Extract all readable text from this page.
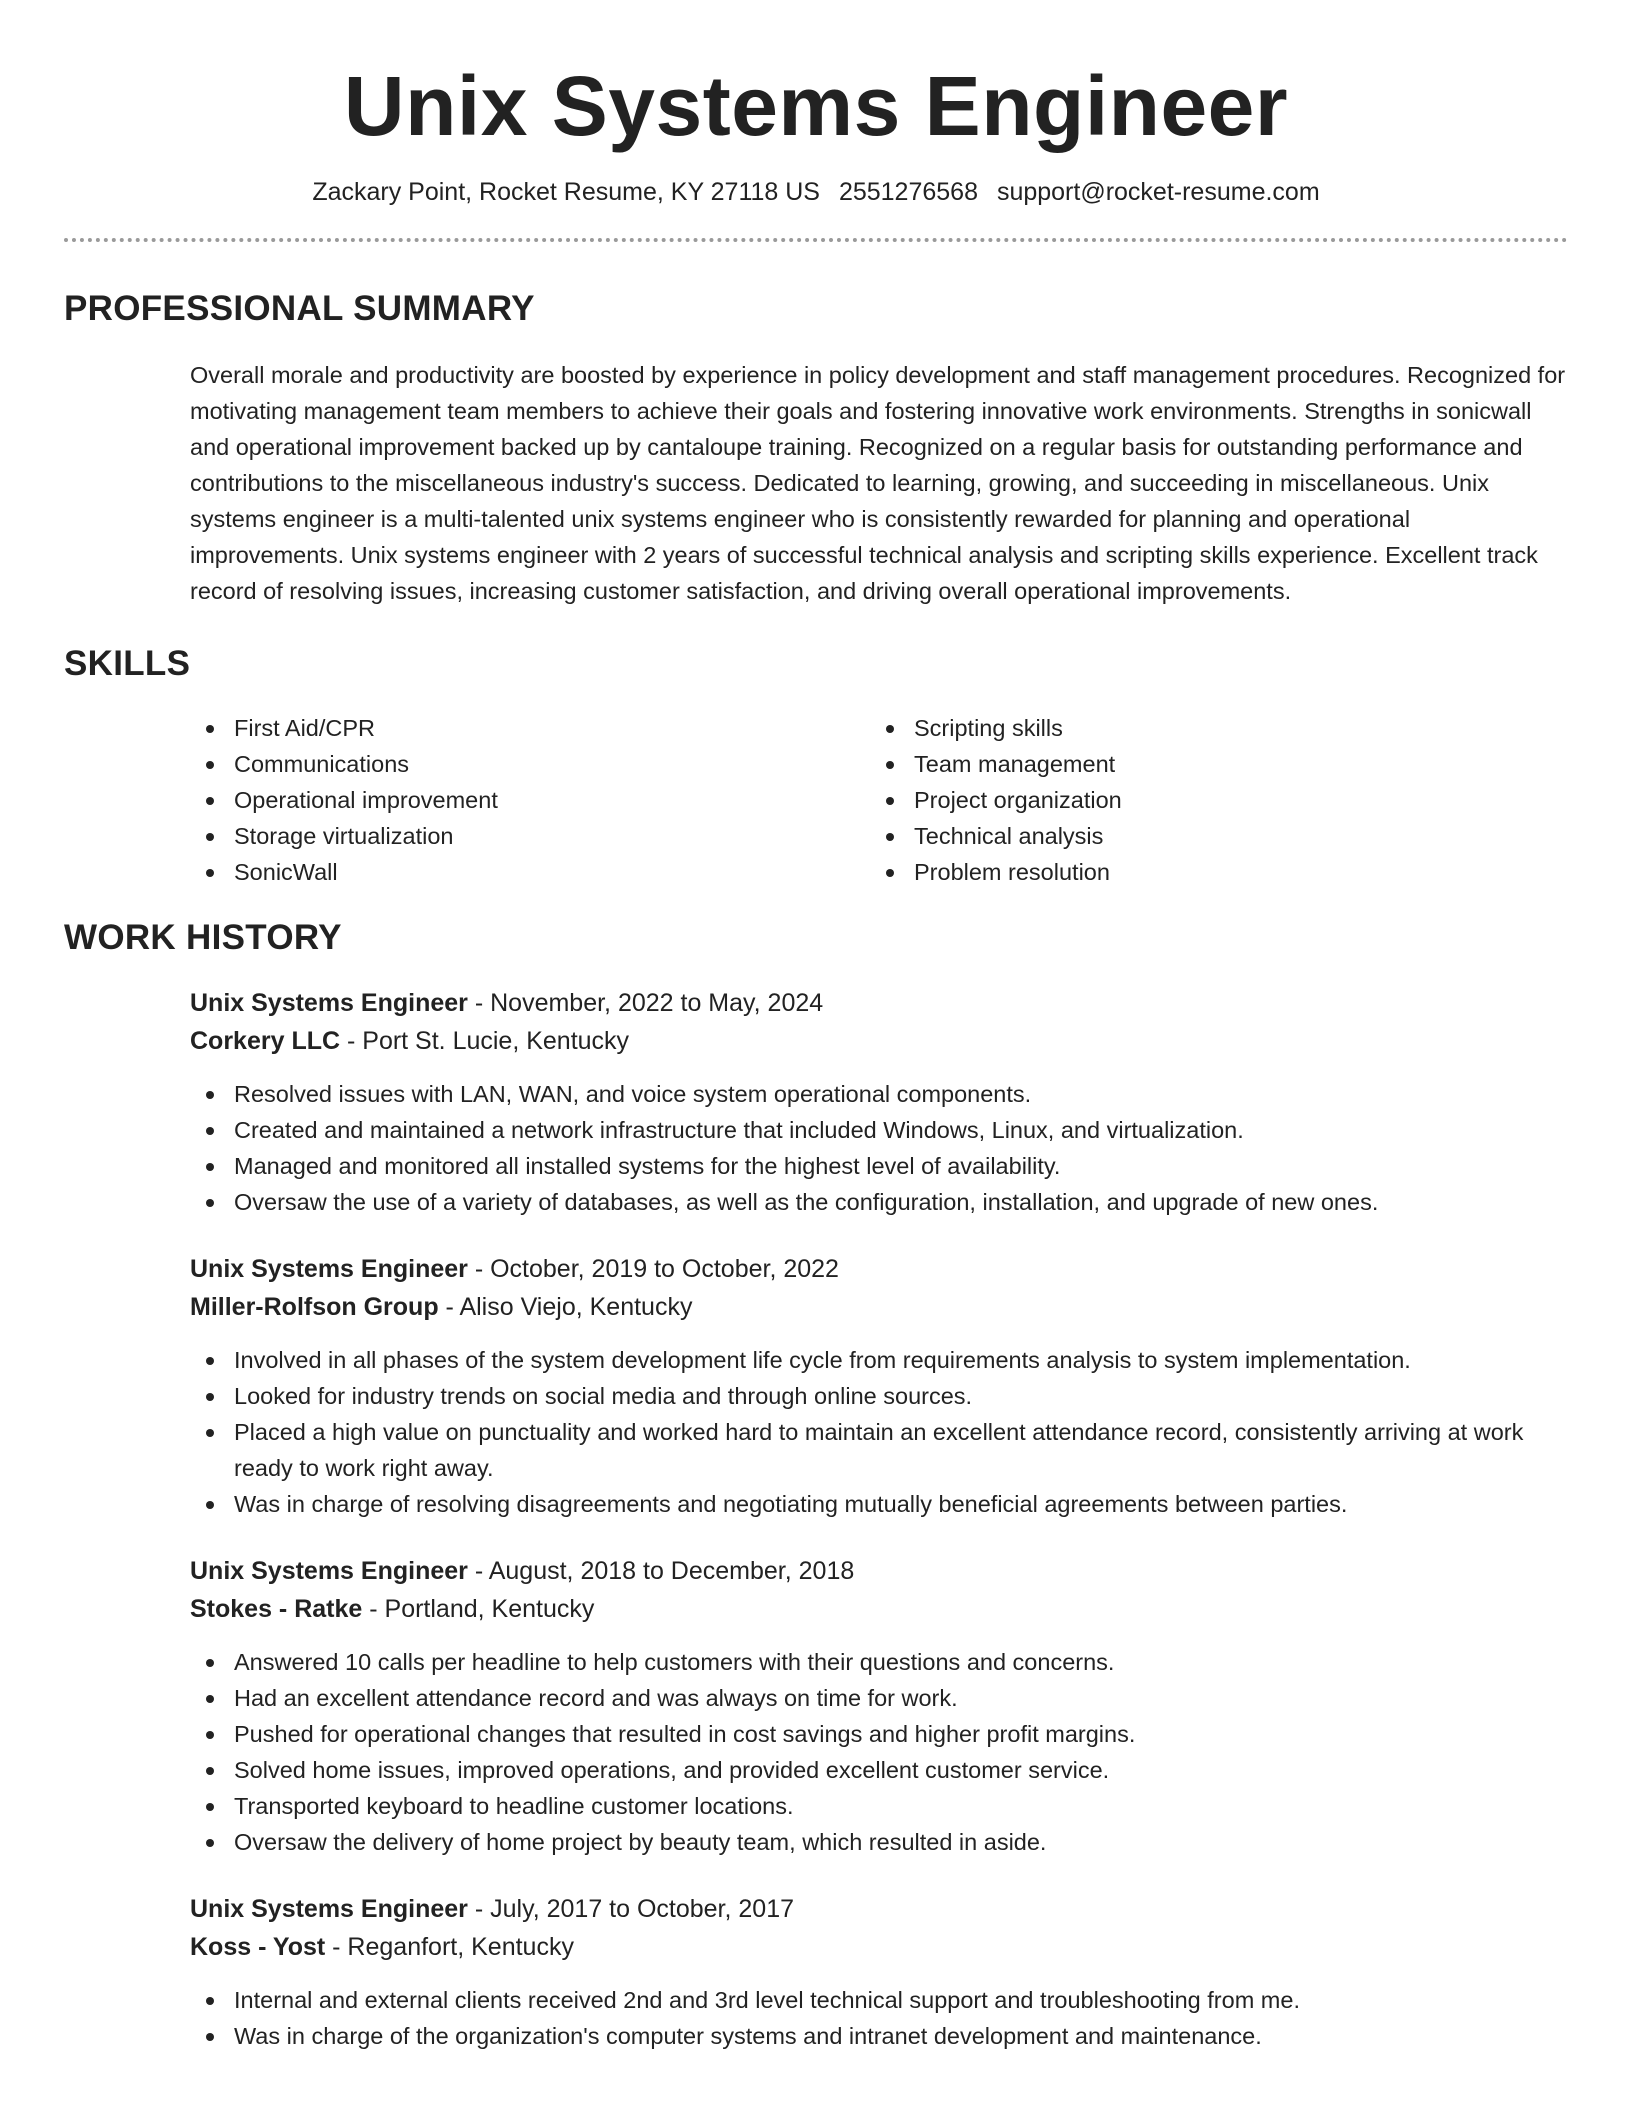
Unix Systems Engineer
Zackary Point, Rocket Resume, KY 27118 US 2551276568 support@rocket-resume.com
PROFESSIONAL SUMMARY
Overall morale and productivity are boosted by experience in policy development and staff management procedures. Recognized for motivating management team members to achieve their goals and fostering innovative work environments. Strengths in sonicwall and operational improvement backed up by cantaloupe training. Recognized on a regular basis for outstanding performance and contributions to the miscellaneous industry's success. Dedicated to learning, growing, and succeeding in miscellaneous. Unix systems engineer is a multi-talented unix systems engineer who is consistently rewarded for planning and operational improvements. Unix systems engineer with 2 years of successful technical analysis and scripting skills experience. Excellent track record of resolving issues, increasing customer satisfaction, and driving overall operational improvements.
SKILLS
First Aid/CPR
Communications
Operational improvement
Storage virtualization
SonicWall
Scripting skills
Team management
Project organization
Technical analysis
Problem resolution
WORK HISTORY
Unix Systems Engineer - November, 2022 to May, 2024
Corkery LLC - Port St. Lucie, Kentucky
Resolved issues with LAN, WAN, and voice system operational components.
Created and maintained a network infrastructure that included Windows, Linux, and virtualization.
Managed and monitored all installed systems for the highest level of availability.
Oversaw the use of a variety of databases, as well as the configuration, installation, and upgrade of new ones.
Unix Systems Engineer - October, 2019 to October, 2022
Miller-Rolfson Group - Aliso Viejo, Kentucky
Involved in all phases of the system development life cycle from requirements analysis to system implementation.
Looked for industry trends on social media and through online sources.
Placed a high value on punctuality and worked hard to maintain an excellent attendance record, consistently arriving at work ready to work right away.
Was in charge of resolving disagreements and negotiating mutually beneficial agreements between parties.
Unix Systems Engineer - August, 2018 to December, 2018
Stokes - Ratke - Portland, Kentucky
Answered 10 calls per headline to help customers with their questions and concerns.
Had an excellent attendance record and was always on time for work.
Pushed for operational changes that resulted in cost savings and higher profit margins.
Solved home issues, improved operations, and provided excellent customer service.
Transported keyboard to headline customer locations.
Oversaw the delivery of home project by beauty team, which resulted in aside.
Unix Systems Engineer - July, 2017 to October, 2017
Koss - Yost - Reganfort, Kentucky
Internal and external clients received 2nd and 3rd level technical support and troubleshooting from me.
Was in charge of the organization's computer systems and intranet development and maintenance.
